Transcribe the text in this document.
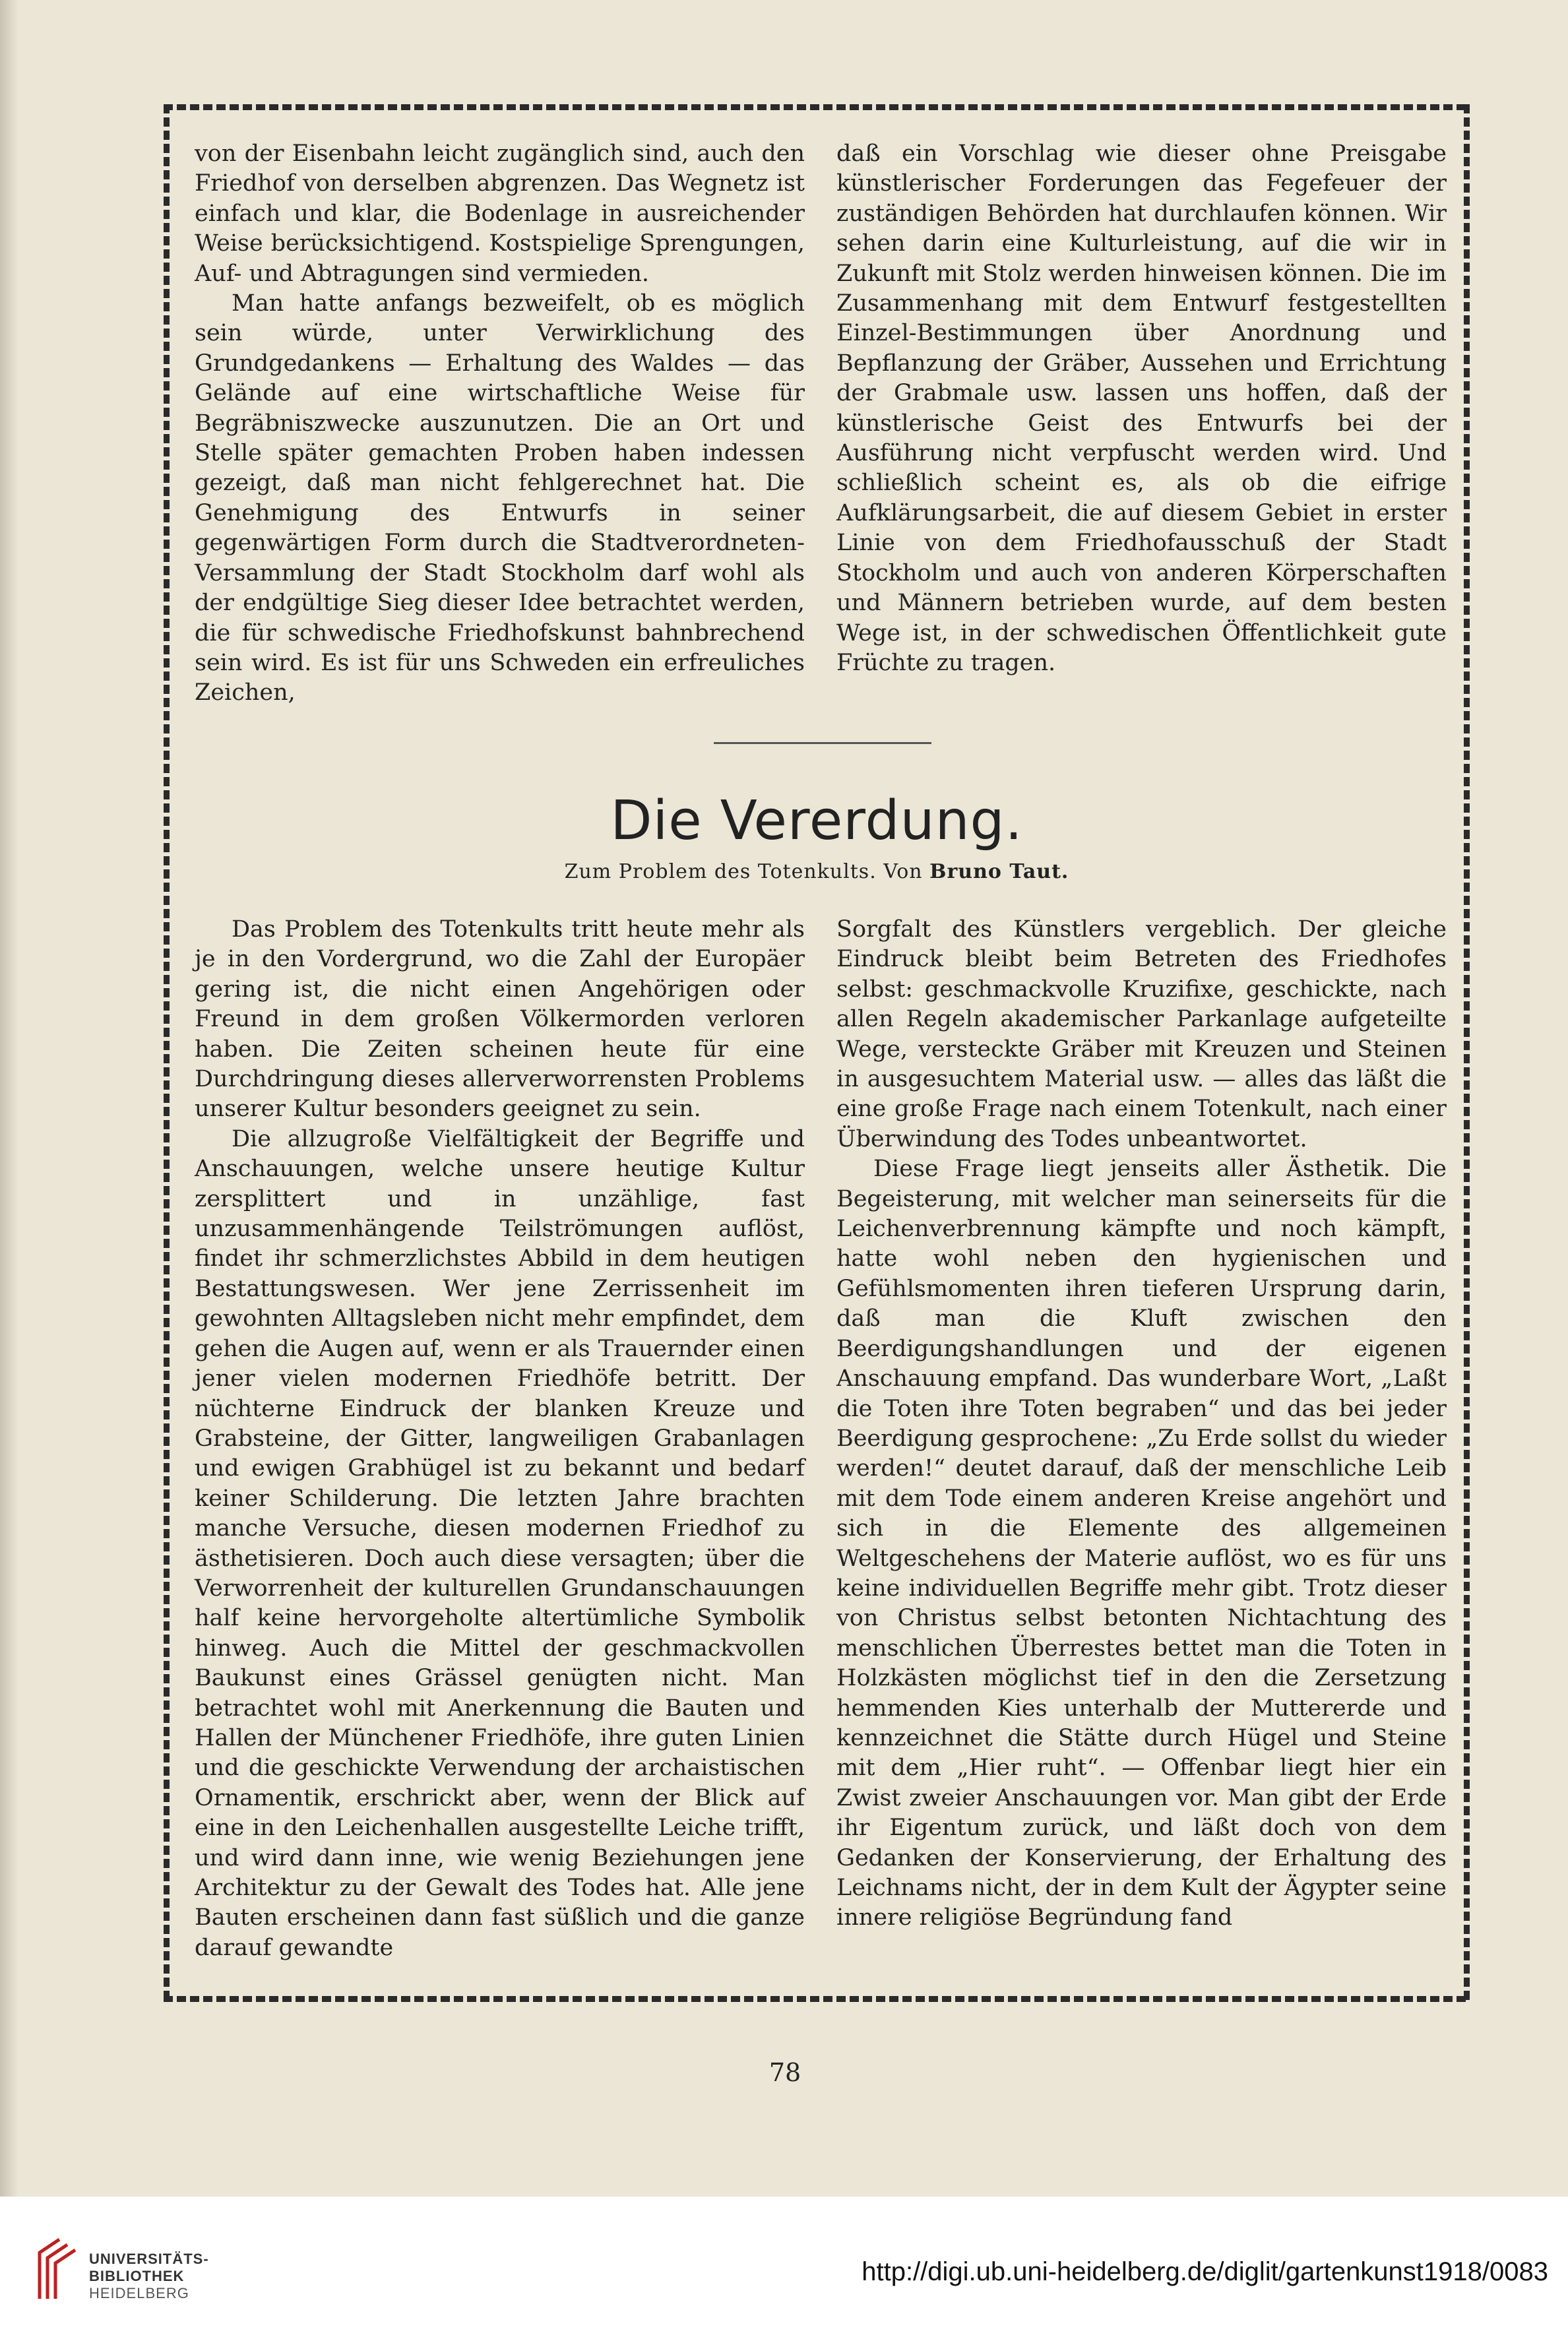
von der Eisenbahn leicht zugänglich sind, auch den Friedhof von derselben abgrenzen. Das Wegnetz ist einfach und klar, die Bodenlage in ausreichender Weise berücksichtigend. Kostspielige Sprengungen, Auf- und Abtragungen sind vermieden.

Man hatte anfangs bezweifelt, ob es möglich sein würde, unter Verwirklichung des Grundgedankens — Erhaltung des Waldes — das Gelände auf eine wirtschaftliche Weise für Begräbniszwecke auszunutzen. Die an Ort und Stelle später gemachten Proben haben indessen gezeigt, daß man nicht fehlgerechnet hat. Die Genehmigung des Entwurfs in seiner gegenwärtigen Form durch die Stadtverordneten-Versammlung der Stadt Stockholm darf wohl als der endgültige Sieg dieser Idee betrachtet werden, die für schwedische Friedhofskunst bahnbrechend sein wird. Es ist für uns Schweden ein erfreuliches Zeichen,

daß ein Vorschlag wie dieser ohne Preisgabe künstlerischer Forderungen das Fegefeuer der zuständigen Behörden hat durchlaufen können. Wir sehen darin eine Kulturleistung, auf die wir in Zukunft mit Stolz werden hinweisen können. Die im Zusammenhang mit dem Entwurf festgestellten Einzel-Bestimmungen über Anordnung und Bepflanzung der Gräber, Aussehen und Errichtung der Grabmale usw. lassen uns hoffen, daß der künstlerische Geist des Entwurfs bei der Ausführung nicht verpfuscht werden wird. Und schließlich scheint es, als ob die eifrige Aufklärungsarbeit, die auf diesem Gebiet in erster Linie von dem Friedhofausschuß der Stadt Stockholm und auch von anderen Körperschaften und Männern betrieben wurde, auf dem besten Wege ist, in der schwedischen Öffentlichkeit gute Früchte zu tragen.

Die Vererdung.
Zum Problem des Totenkults. Von Bruno Taut.

Das Problem des Totenkults tritt heute mehr als je in den Vordergrund, wo die Zahl der Europäer gering ist, die nicht einen Angehörigen oder Freund in dem großen Völkermorden verloren haben. Die Zeiten scheinen heute für eine Durchdringung dieses allerverworrensten Problems unserer Kultur besonders geeignet zu sein.

Die allzugroße Vielfältigkeit der Begriffe und Anschauungen, welche unsere heutige Kultur zersplittert und in unzählige, fast unzusammenhängende Teilströmungen auflöst, findet ihr schmerzlichstes Abbild in dem heutigen Bestattungswesen. Wer jene Zerrissenheit im gewohnten Alltagsleben nicht mehr empfindet, dem gehen die Augen auf, wenn er als Trauernder einen jener vielen modernen Friedhöfe betritt. Der nüchterne Eindruck der blanken Kreuze und Grabsteine, der Gitter, langweiligen Grabanlagen und ewigen Grabhügel ist zu bekannt und bedarf keiner Schilderung. Die letzten Jahre brachten manche Versuche, diesen modernen Friedhof zu ästhetisieren. Doch auch diese versagten; über die Verworrenheit der kulturellen Grundanschauungen half keine hervorgeholte altertümliche Symbolik hinweg. Auch die Mittel der geschmackvollen Baukunst eines Grässel genügten nicht. Man betrachtet wohl mit Anerkennung die Bauten und Hallen der Münchener Friedhöfe, ihre guten Linien und die geschickte Verwendung der archaistischen Ornamentik, erschrickt aber, wenn der Blick auf eine in den Leichenhallen ausgestellte Leiche trifft, und wird dann inne, wie wenig Beziehungen jene Architektur zu der Gewalt des Todes hat. Alle jene Bauten erscheinen dann fast süßlich und die ganze darauf gewandte

Sorgfalt des Künstlers vergeblich. Der gleiche Eindruck bleibt beim Betreten des Friedhofes selbst: geschmackvolle Kruzifixe, geschickte, nach allen Regeln akademischer Parkanlage aufgeteilte Wege, versteckte Gräber mit Kreuzen und Steinen in ausgesuchtem Material usw. — alles das läßt die eine große Frage nach einem Totenkult, nach einer Überwindung des Todes unbeantwortet.

Diese Frage liegt jenseits aller Ästhetik. Die Begeisterung, mit welcher man seinerseits für die Leichenverbrennung kämpfte und noch kämpft, hatte wohl neben den hygienischen und Gefühlsmomenten ihren tieferen Ursprung darin, daß man die Kluft zwischen den Beerdigungshandlungen und der eigenen Anschauung empfand. Das wunderbare Wort, „Laßt die Toten ihre Toten begraben“ und das bei jeder Beerdigung gesprochene: „Zu Erde sollst du wieder werden!“ deutet darauf, daß der menschliche Leib mit dem Tode einem anderen Kreise angehört und sich in die Elemente des allgemeinen Weltgeschehens der Materie auflöst, wo es für uns keine individuellen Begriffe mehr gibt. Trotz dieser von Christus selbst betonten Nichtachtung des menschlichen Überrestes bettet man die Toten in Holzkästen möglichst tief in den die Zersetzung hemmenden Kies unterhalb der Muttererde und kennzeichnet die Stätte durch Hügel und Steine mit dem „Hier ruht“. — Offenbar liegt hier ein Zwist zweier Anschauungen vor. Man gibt der Erde ihr Eigentum zurück, und läßt doch von dem Gedanken der Konservierung, der Erhaltung des Leichnams nicht, der in dem Kult der Ägypter seine innere religiöse Begründung fand

78
UNIVERSITÄTS-
BIBLIOTHEK
HEIDELBERG
http://digi.ub.uni-heidelberg.de/diglit/gartenkunst1918/0083
